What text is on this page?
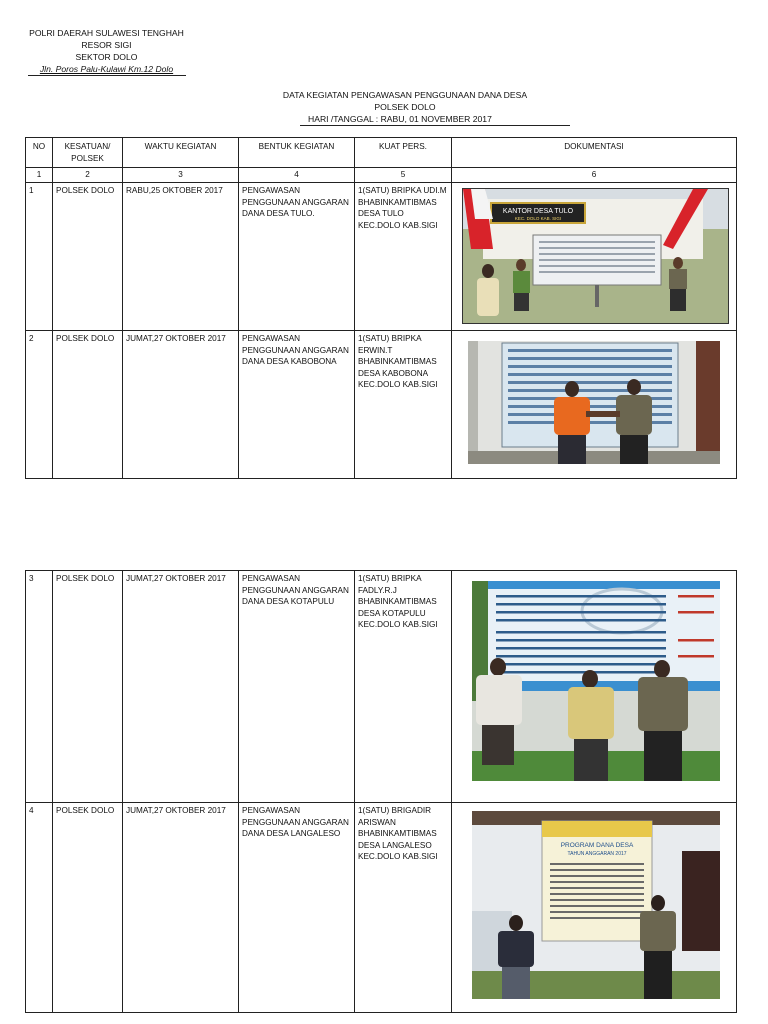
POLRI DAERAH SULAWESI TENGHAH
RESOR SIGI
SEKTOR DOLO
Jln. Poros Palu-Kulawi Km.12 Dolo
DATA KEGIATAN PENGAWASAN PENGGUNAAN DANA DESA
POLSEK DOLO
HARI /TANGGAL : RABU, 01 NOVEMBER 2017
NO	KESATUAN/ POLSEK	WAKTU KEGIATAN	BENTUK KEGIATAN	KUAT PERS.	DOKUMENTASI
1	2	3	4	5	6
1	POLSEK DOLO	RABU,25 OKTOBER 2017	PENGAWASAN PENGGUNAAN ANGGARAN DANA DESA TULO.	1(SATU) BRIPKA UDI.M BHABINKAMTIBMAS DESA TULO KEC.DOLO KAB.SIGI	KANTOR DESA TULO
KEC. DOLO KAB. SIGI

2	POLSEK DOLO	JUMAT,27 OKTOBER 2017	PENGAWASAN PENGGUNAAN ANGGARAN DANA DESA KABOBONA	1(SATU) BRIPKA ERWIN.T BHABINKAMTIBMAS DESA KABOBONA KEC.DOLO KAB.SIGI	
3	POLSEK DOLO	JUMAT,27 OKTOBER 2017	PENGAWASAN PENGGUNAAN ANGGARAN DANA DESA KOTAPULU	1(SATU) BRIPKA FADLY.R.J BHABINKAMTIBMAS DESA KOTAPULU KEC.DOLO KAB.SIGI	

4	POLSEK DOLO	JUMAT,27 OKTOBER 2017	PENGAWASAN PENGGUNAAN ANGGARAN DANA DESA LANGALESO	1(SATU) BRIGADIR ARISWAN BHABINKAMTIBMAS DESA LANGALESO KEC.DOLO KAB.SIGI	PROGRAM DANA DESA
TAHUN ANGGARAN 2017
